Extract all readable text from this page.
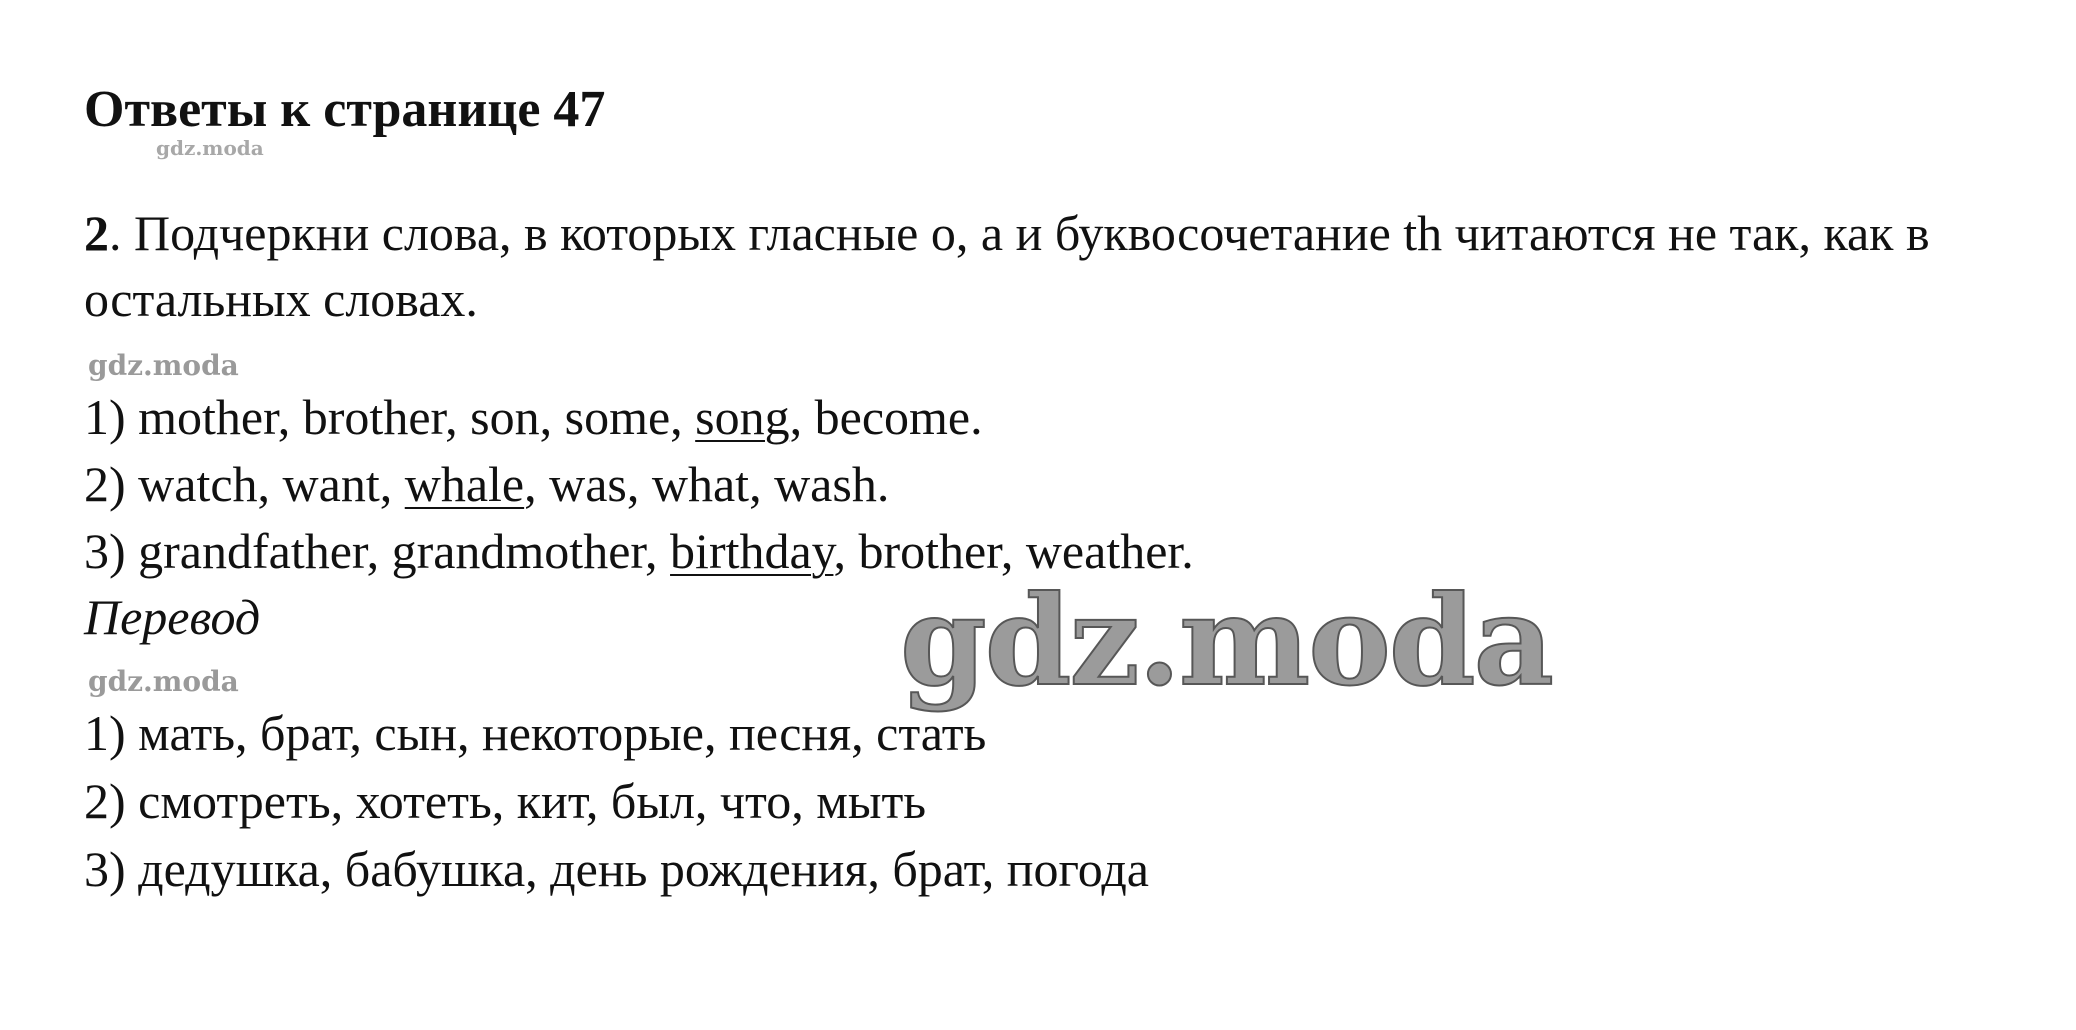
Ответы к странице 47
gdz.moda
2. Подчеркни слова, в которых гласные о, а и буквосочетание th читаются не так, как в остальных словах.
gdz.moda
1) mother, brother, son, some, song, become.
2) watch, want, whale, was, what, wash.
3) grandfather, grandmother, birthday, brother, weather.
Перевод	gdz.moda
gdz.moda
1) мать, брат, сын, некоторые, песня, стать
2) смотреть, хотеть, кит, был, что, мыть
3) дедушка, бабушка, день рождения, брат, погода
